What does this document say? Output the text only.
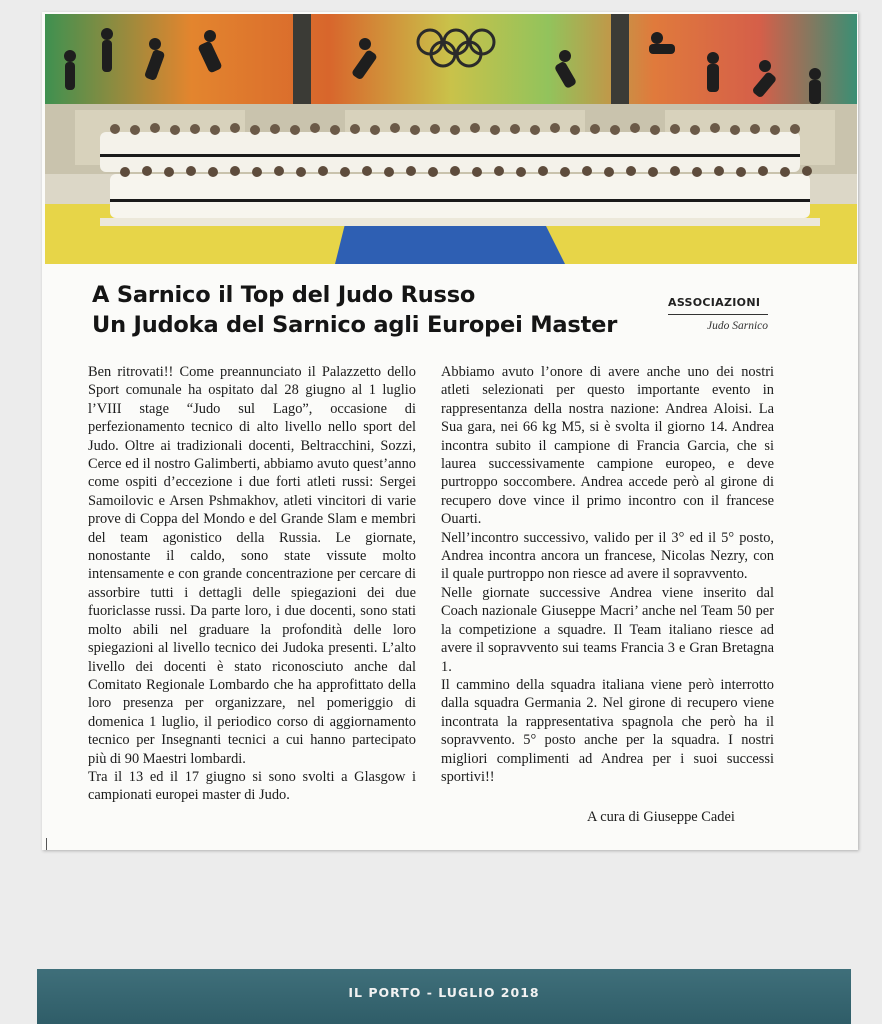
A Sarnico il Top del Judo Russo
Un Judoka del Sarnico agli Europei Master
ASSOCIAZIONI
Judo Sarnico

Ben ritrovati!! Come preannunciato il Palazzetto dello Sport comunale ha ospitato dal 28 giugno al 1 luglio l’VIII stage “Judo sul Lago”, occasione di perfezionamento tecnico di alto livello nello sport del Judo. Oltre ai tradizionali docenti, Beltracchini, Sozzi, Cerce ed il nostro Galimberti, abbiamo avuto quest’anno come ospiti d’eccezione i due forti atleti russi: Sergei Samoilovic e Arsen Pshmakhov, atleti vincitori di varie prove di Coppa del Mondo e del Grande Slam e membri del team agonistico della Russia. Le giornate, nonostante il caldo, sono state vissute molto intensamente e con grande concentrazione per cercare di assorbire tutti i dettagli delle spiegazioni dei due fuoriclasse russi. Da parte loro, i due docenti, sono stati molto abili nel graduare la profondità delle loro spiegazioni al livello tecnico dei Judoka presenti. L’alto livello dei docenti è stato riconosciuto anche dal Comitato Regionale Lombardo che ha approfittato della loro presenza per organizzare, nel pomeriggio di domenica 1 luglio, il periodico corso di aggiornamento tecnico per Insegnanti tecnici a cui hanno partecipato più di 90 Maestri lombardi.

Tra il 13 ed il 17 giugno si sono svolti a Glasgow i campionati europei master di Judo.

Abbiamo avuto l’onore di avere anche uno dei nostri atleti selezionati per questo importante evento in rappresentanza della nostra nazione: Andrea Aloisi. La Sua gara, nei 66 kg M5, si è svolta il giorno 14. Andrea incontra subito il campione di Francia Garcia, che si laurea successivamente campione europeo, e deve purtroppo soccombere. Andrea accede però al girone di recupero dove vince il primo incontro con il francese Ouarti.

Nell’incontro successivo, valido per il 3° ed il 5° posto, Andrea incontra ancora un francese, Nicolas Nezry, con il quale purtroppo non riesce ad avere il sopravvento.

Nelle giornate successive Andrea viene inserito dal Coach nazionale Giuseppe Macri’ anche nel Team 50 per la competizione a squadre. Il Team italiano riesce ad avere il sopravvento sui teams Francia 3 e Gran Bretagna 1.

Il cammino della squadra italiana viene però interrotto dalla squadra Germania 2. Nel girone di recupero viene incontrata la rappresentativa spagnola che però ha il sopravvento. 5° posto anche per la squadra. I nostri migliori complimenti ad Andrea per i suoi successi sportivi!!

A cura di Giuseppe Cadei
IL PORTO - LUGLIO 2018
